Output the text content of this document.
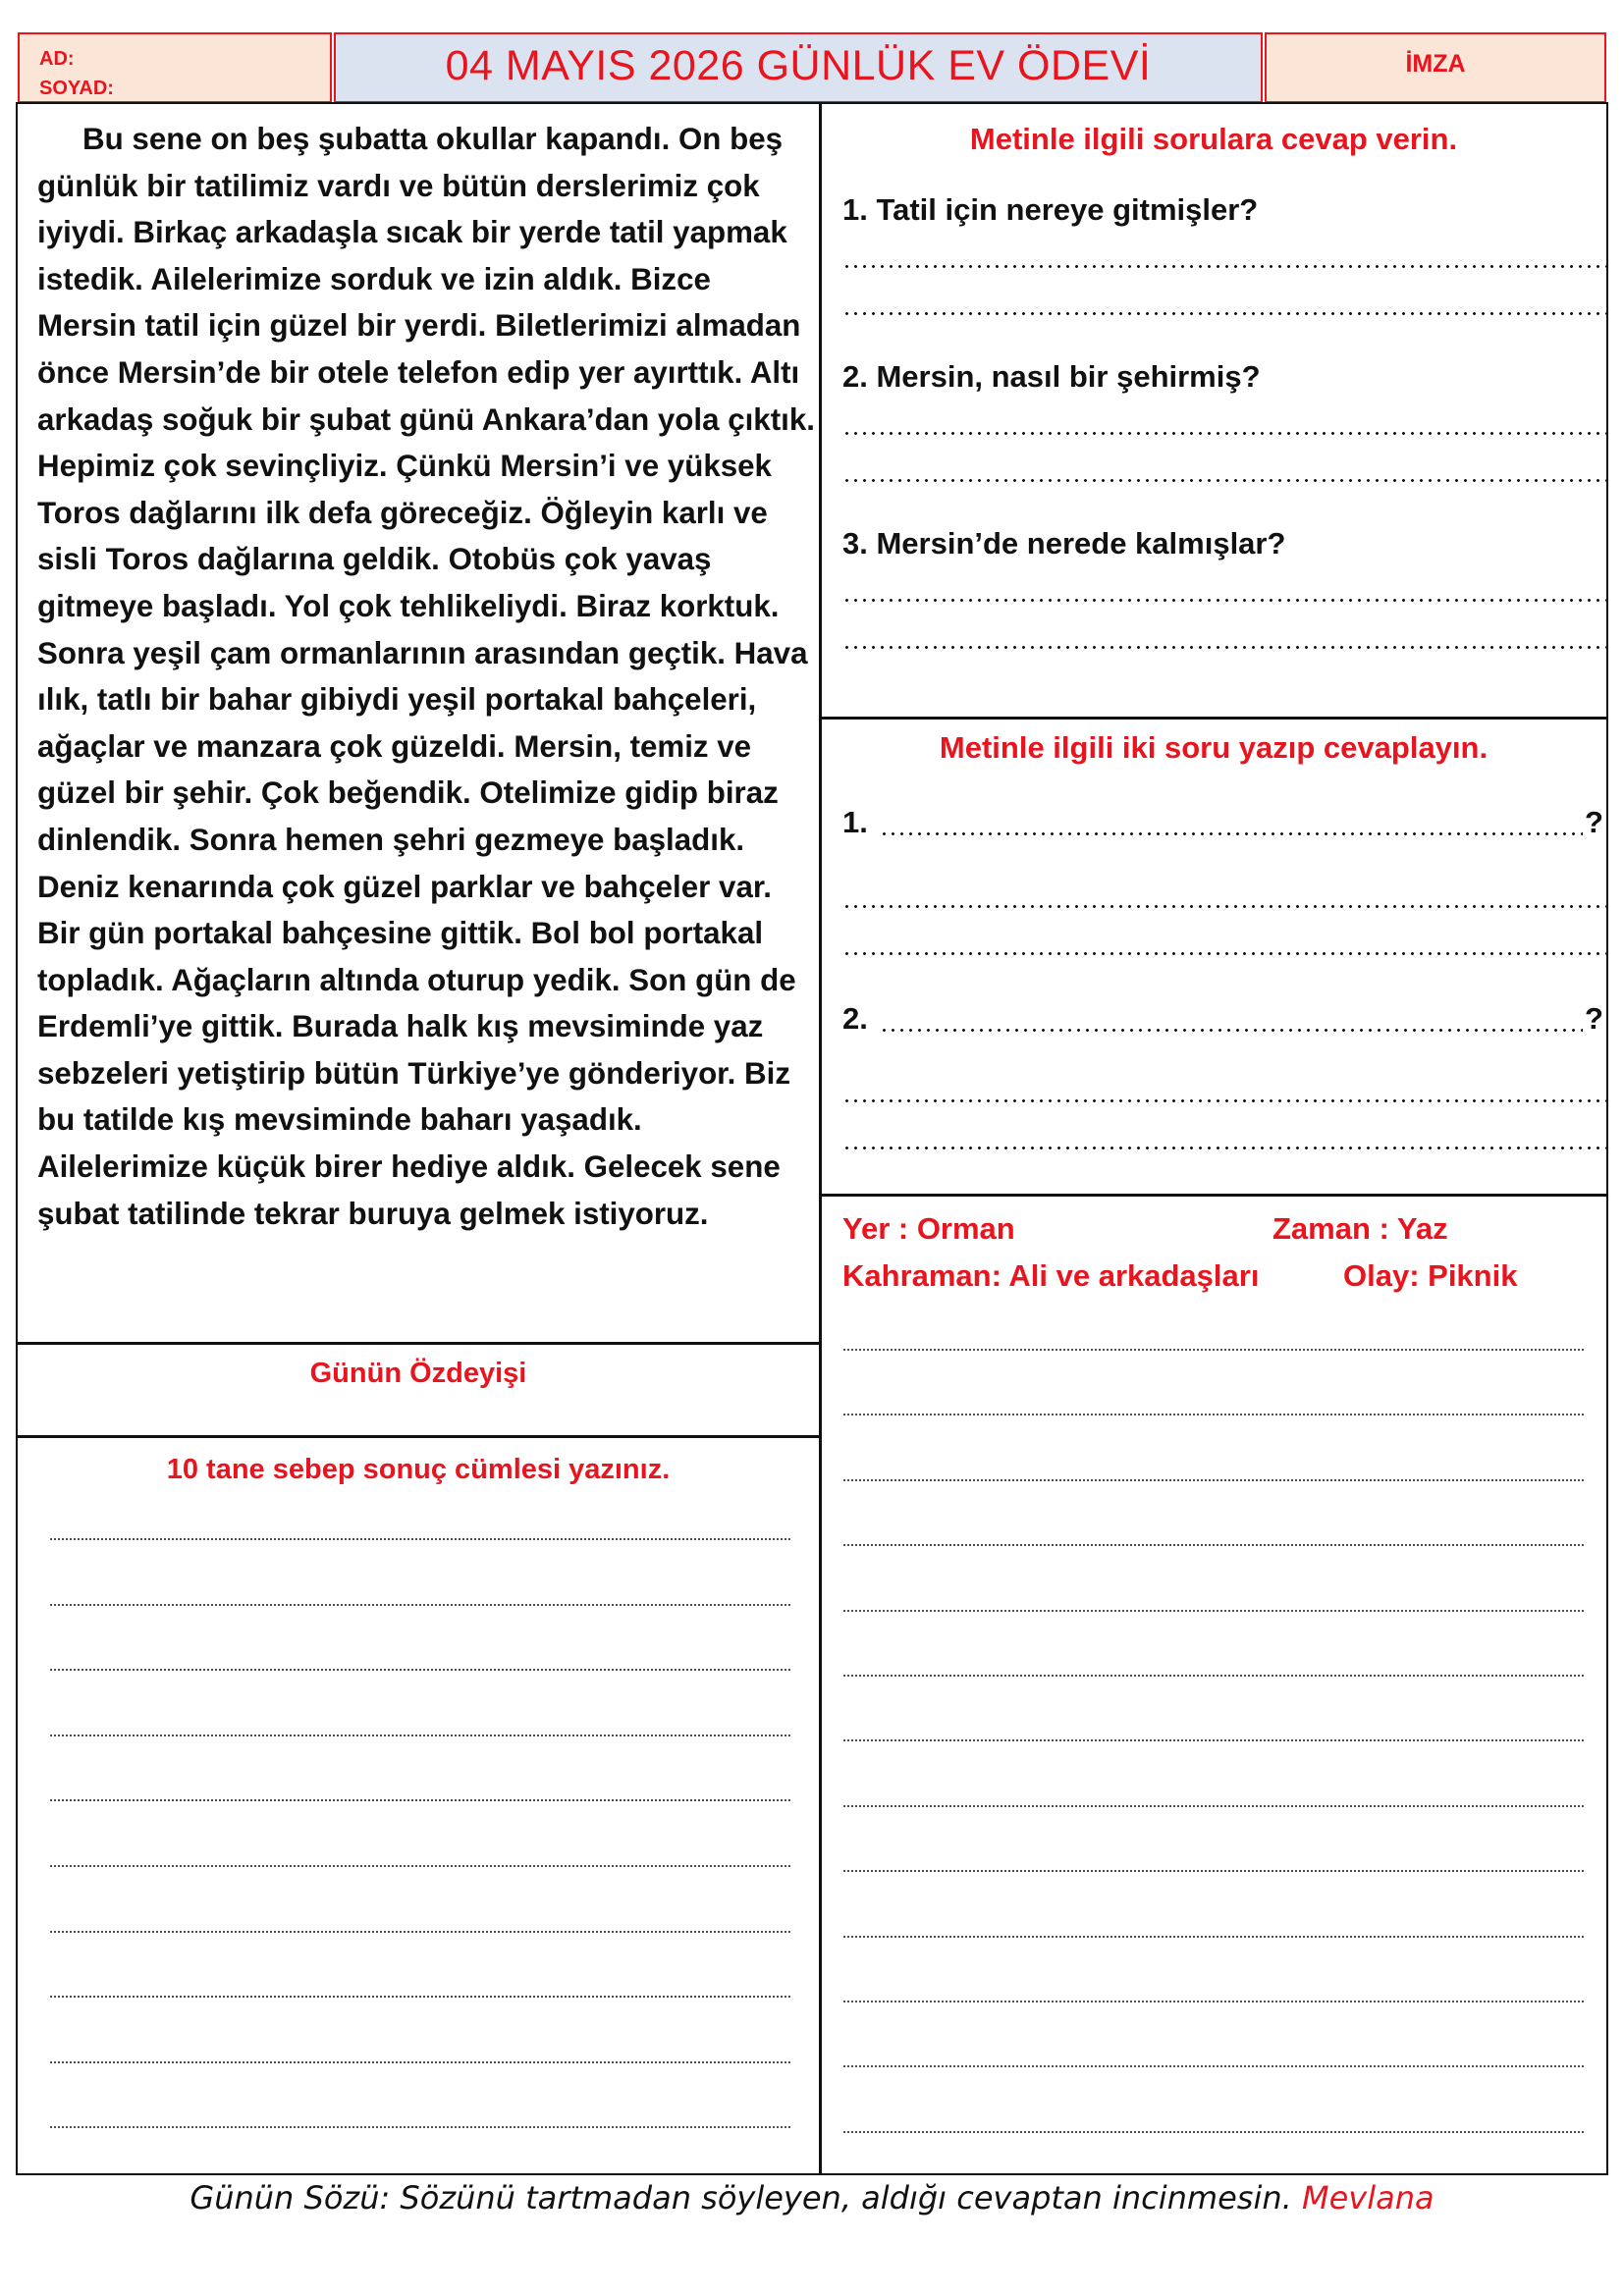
AD:
SOYAD:	04 MAYIS 2026 GÜNLÜK EV ÖDEVİ	İMZA
Bu sene on beş şubatta okullar kapandı. On beş günlük bir tatilimiz vardı ve bütün derslerimiz çok iyiydi. Birkaç arkadaşla sıcak bir yerde tatil yapmak istedik. Ailelerimize sorduk ve izin aldık. Bizce Mersin tatil için güzel bir yerdi. Biletlerimizi almadan önce Mersin’de bir otele telefon edip yer ayırttık. Altı arkadaş soğuk bir şubat günü Ankara’dan yola çıktık. Hepimiz çok sevinçliyiz. Çünkü Mersin’i ve yüksek Toros dağlarını ilk defa göreceğiz. Öğleyin karlı ve sisli Toros dağlarına geldik. Otobüs çok yavaş gitmeye başladı. Yol çok tehlikeliydi. Biraz korktuk. Sonra yeşil çam ormanlarının arasından geçtik. Hava ılık, tatlı bir bahar gibiydi yeşil portakal bahçeleri, ağaçlar ve manzara çok güzeldi. Mersin, temiz ve güzel bir şehir. Çok beğendik. Otelimize gidip biraz dinlendik. Sonra hemen şehri gezmeye başladık. Deniz kenarında çok güzel parklar ve bahçeler var. Bir gün portakal bahçesine gittik. Bol bol portakal topladık. Ağaçların altında oturup yedik. Son gün de Erdemli’ye gittik. Burada halk kış mevsiminde yaz sebzeleri yetiştirip bütün Türkiye’ye gönderiyor. Biz bu tatilde kış mevsiminde baharı yaşadık. Ailelerimize küçük birer hediye aldık. Gelecek sene şubat tatilinde tekrar buruya gelmek istiyoruz.
Günün Özdeyişi
10 tane sebep sonuç cümlesi yazınız.
Metinle ilgili sorulara cevap verin.
1. Tatil için nereye gitmişler?
2. Mersin, nasıl bir şehirmiş?
3. Mersin’de nerede kalmışlar?
Metinle ilgili iki soru yazıp cevaplayın.
1.	?
2.	?
Yer : Orman	Zaman : Yaz
Kahraman: Ali ve arkadaşları	Olay: Piknik
Günün Sözü: Sözünü tartmadan söyleyen, aldığı cevaptan incinmesin. Mevlana
